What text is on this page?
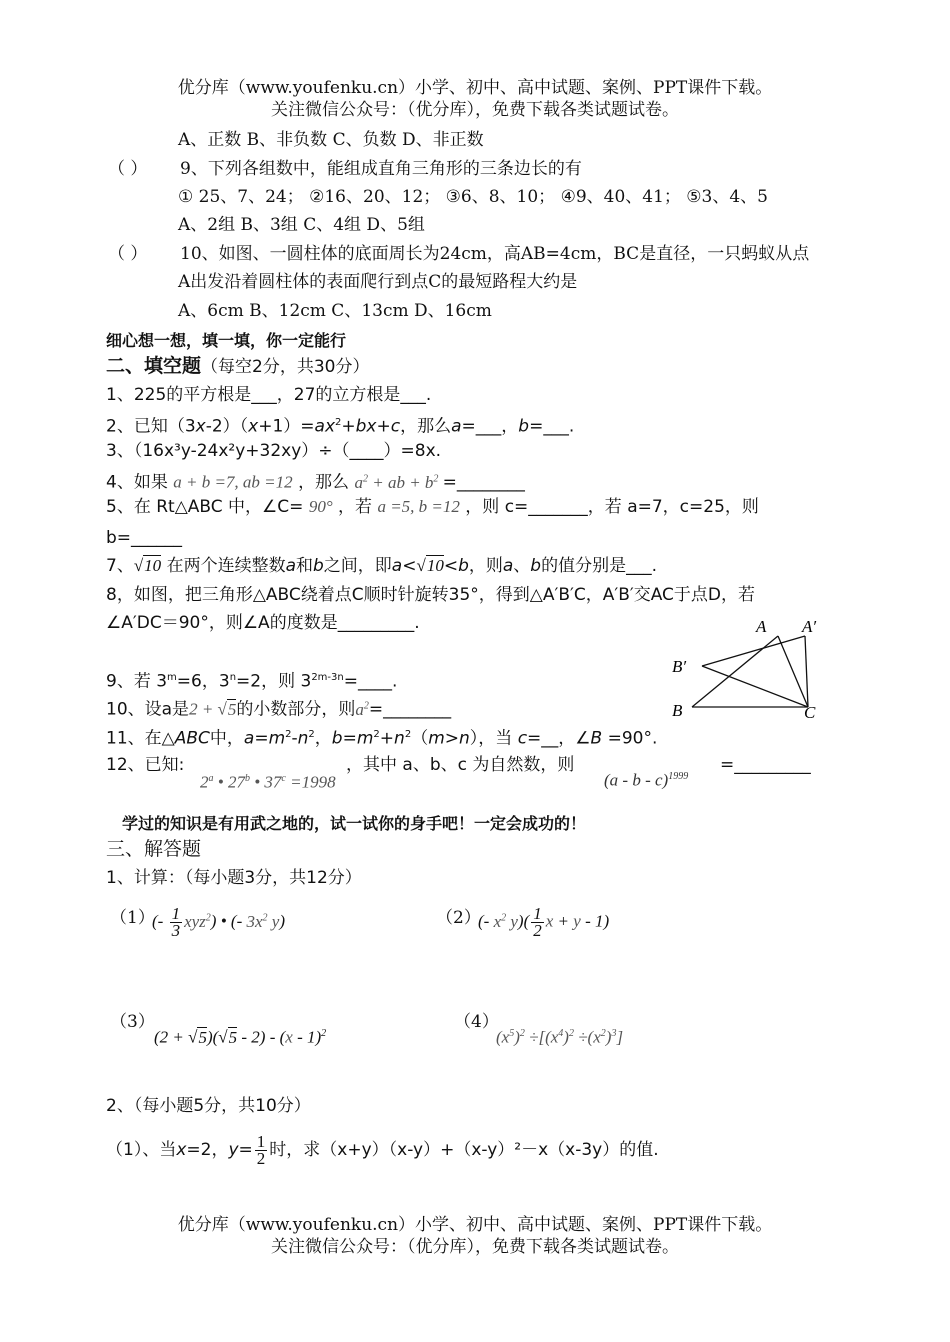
优分库（www.youfenku.cn）小学、初中、高中试题、案例、PPT课件下载。
关注微信公众号：（优分库），免费下载各类试题试卷。
A、正数 B、非负数 C、负数 D、非正数
（ ） 9、下列各组数中，能组成直角三角形的三条边长的有
① 25、7、24； ②16、20、12； ③6、8、10； ④9、40、41； ⑤3、4、5
A、2组 B、3组 C、4组 D、5组
（ ） 10、如图、一圆柱体的底面周长为24cm，高AB=4cm，BC是直径，一只蚂蚁从点
A出发沿着圆柱体的表面爬行到点C的最短路程大约是
A、6cm B、12cm C、13cm D、16cm
细心想一想，填一填，你一定能行
二、填空题（每空2分，共30分）
1、225的平方根是___，27的立方根是___.
2、已知$(3x-2)(x+1)=ax^2+bx+c$，那么a=___，b=___.
3、（16x³y-24x²y+32xy）÷（____）=8x.
4、如果 a + b =7, ab =12 ，那么 $a^2$ + ab + $b^2$ =________
5、在 Rt△ABC 中，∠C= 90° ，若 a =5, b =12 ，则 c=_______，若 a=7，c=25，则
b=______
7、√10 在两个连续整数a和b之间，即a<√10<b，则a、b的值分别是___.
8，如图，把三角形△ABC绕着点C顺时针旋转35°，得到△A′B′C，A′B′交AC于点D，若
∠A′DC＝90°，则∠A的度数是_________.	A A′
B′
B	C
9、若 $3^m=6$，$3^n=2$，则 $3^{2m-3n}=\_\_\_\_$.
10、设a是2 + √5的小数部分，则$a^2=\_\_\_\_\_\_\_\_$
11、在△ABC中，$a=m^2-n^2$，$b=m^2+n^2(m>n)$，当 c=__，∠B =90°.
12、已知:
2$^a$ • 27$^b$ • $37^c =1998$
，其中 a、b、c 为自然数，则
(a - b - c)$^{1999}$
=_________
学过的知识是有用武之地的，试一试你的身手吧！一定会成功的！
三、解答题
1、计算：（每小题3分，共12分）
（1）
(- $\frac{1}{3} xyz^2$) • (- $3x^2$ y)	（2）
(- $x^2$ $y)( \frac{1}{2}$ x + y - 1)
（3）
(2 + √5)(√5 - 2) - (x - 1)$^2$
（4）
$(x^5)^2 \div[(x^4)^2 \div(x^2)^3]$
2、（每小题5分，共10分）
（1）、当x=2，$y= \frac{1}{2}$ 时，求（x+y）（x-y）+（x-y）²－x（x-3y）的值.
优分库（www.youfenku.cn）小学、初中、高中试题、案例、PPT课件下载。
关注微信公众号：（优分库），免费下载各类试题试卷。
